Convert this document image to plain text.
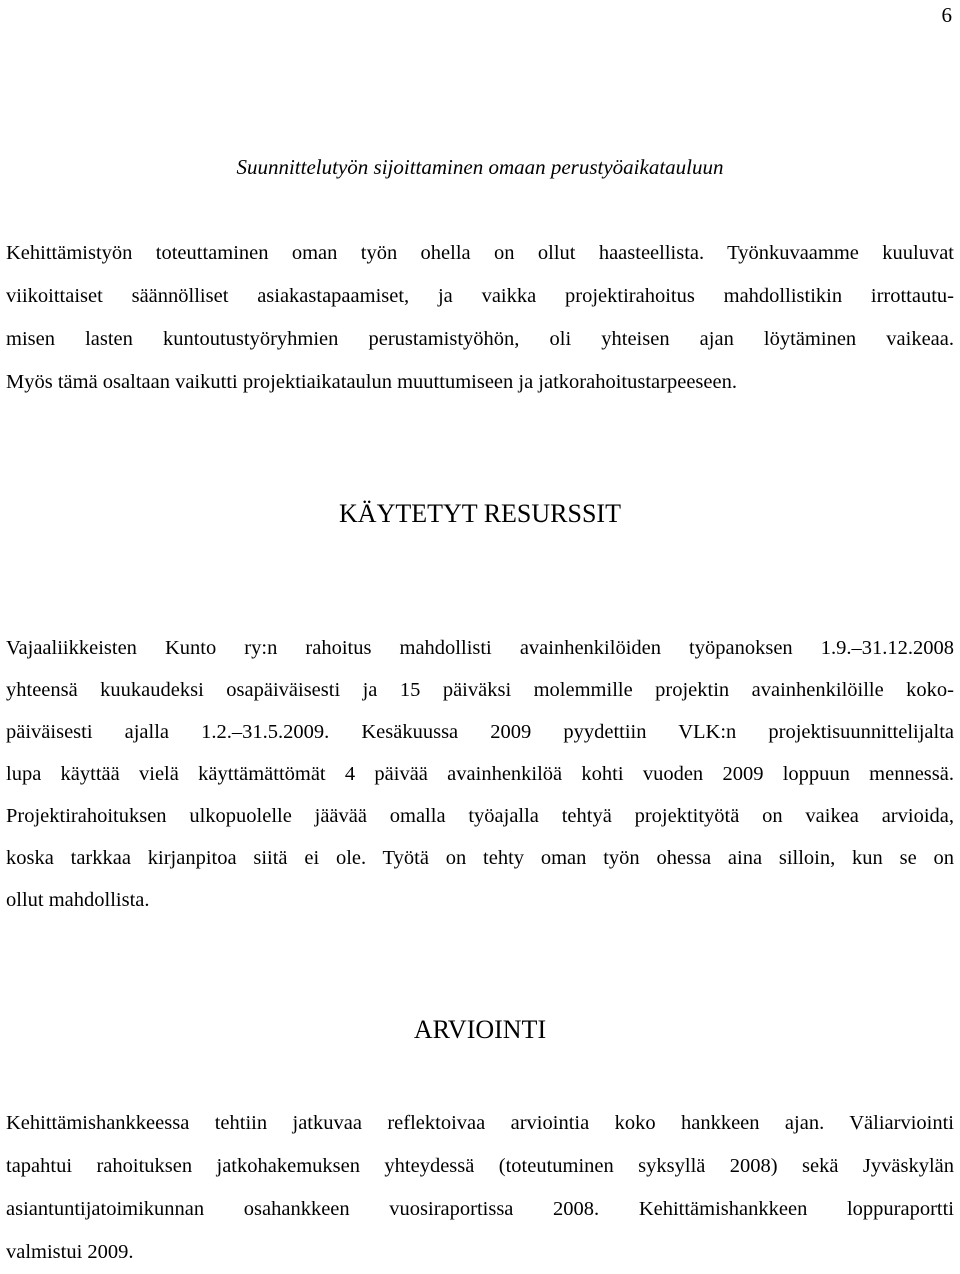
6
Suunnittelutyön sijoittaminen omaan perustyöaikatauluun
Kehittämistyön toteuttaminen oman työn ohella on ollut haasteellista. Työnkuvaamme kuuluvat
viikoittaiset säännölliset asiakastapaamiset, ja vaikka projektirahoitus mahdollistikin irrottautu-
misen lasten kuntoutustyöryhmien perustamistyöhön, oli yhteisen ajan löytäminen vaikeaa.
Myös tämä osaltaan vaikutti projektiaikataulun muuttumiseen ja jatkorahoitustarpeeseen.
KÄYTETYT RESURSSIT
Vajaaliikkeisten Kunto ry:n rahoitus mahdollisti avainhenkilöiden työpanoksen 1.9.–31.12.2008
yhteensä kuukaudeksi osapäiväisesti ja 15 päiväksi molemmille projektin avainhenkilöille koko-
päiväisesti ajalla 1.2.–31.5.2009. Kesäkuussa 2009 pyydettiin VLK:n projektisuunnittelijalta
lupa käyttää vielä käyttämättömät 4 päivää avainhenkilöä kohti vuoden 2009 loppuun mennessä.
Projektirahoituksen ulkopuolelle jäävää omalla työajalla tehtyä projektityötä on vaikea arvioida,
koska tarkkaa kirjanpitoa siitä ei ole. Työtä on tehty oman työn ohessa aina silloin, kun se on
ollut mahdollista.
ARVIOINTI
Kehittämishankkeessa tehtiin jatkuvaa reflektoivaa arviointia koko hankkeen ajan. Väliarviointi
tapahtui rahoituksen jatkohakemuksen yhteydessä (toteutuminen syksyllä 2008) sekä Jyväskylän
asiantuntijatoimikunnan osahankkeen vuosiraportissa 2008. Kehittämishankkeen loppuraportti
valmistui 2009.
